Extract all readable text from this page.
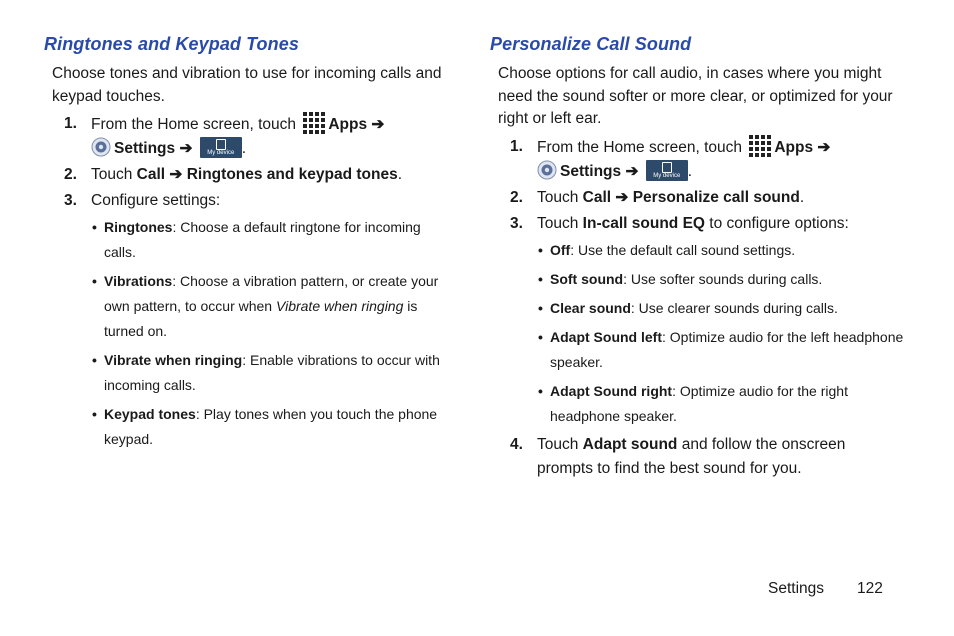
Ringtones and Keypad Tones

Choose tones and vibration to use for incoming calls and keypad touches.

1. From the Home screen, touch Apps ➔
Settings ➔	My device .
2. Touch Call ➔ Ringtones and keypad tones.
3. Configure settings:
• Ringtones: Choose a default ringtone for incoming calls.
• Vibrations: Choose a vibration pattern, or create your own pattern, to occur when Vibrate when ringing is turned on.
• Vibrate when ringing: Enable vibrations to occur with incoming calls.
• Keypad tones: Play tones when you touch the phone keypad.
Personalize Call Sound

Choose options for call audio, in cases where you might need the sound softer or more clear, or optimized for your right or left ear.

1. From the Home screen, touch Apps ➔
Settings ➔	My device .
2. Touch Call ➔ Personalize call sound.
3. Touch In-call sound EQ to configure options:
• Off: Use the default call sound settings.
• Soft sound: Use softer sounds during calls.
• Clear sound: Use clearer sounds during calls.
• Adapt Sound left: Optimize audio for the left headphone speaker.
• Adapt Sound right: Optimize audio for the right headphone speaker.
4. Touch Adapt sound and follow the onscreen prompts to find the best sound for you.
Settings 122
